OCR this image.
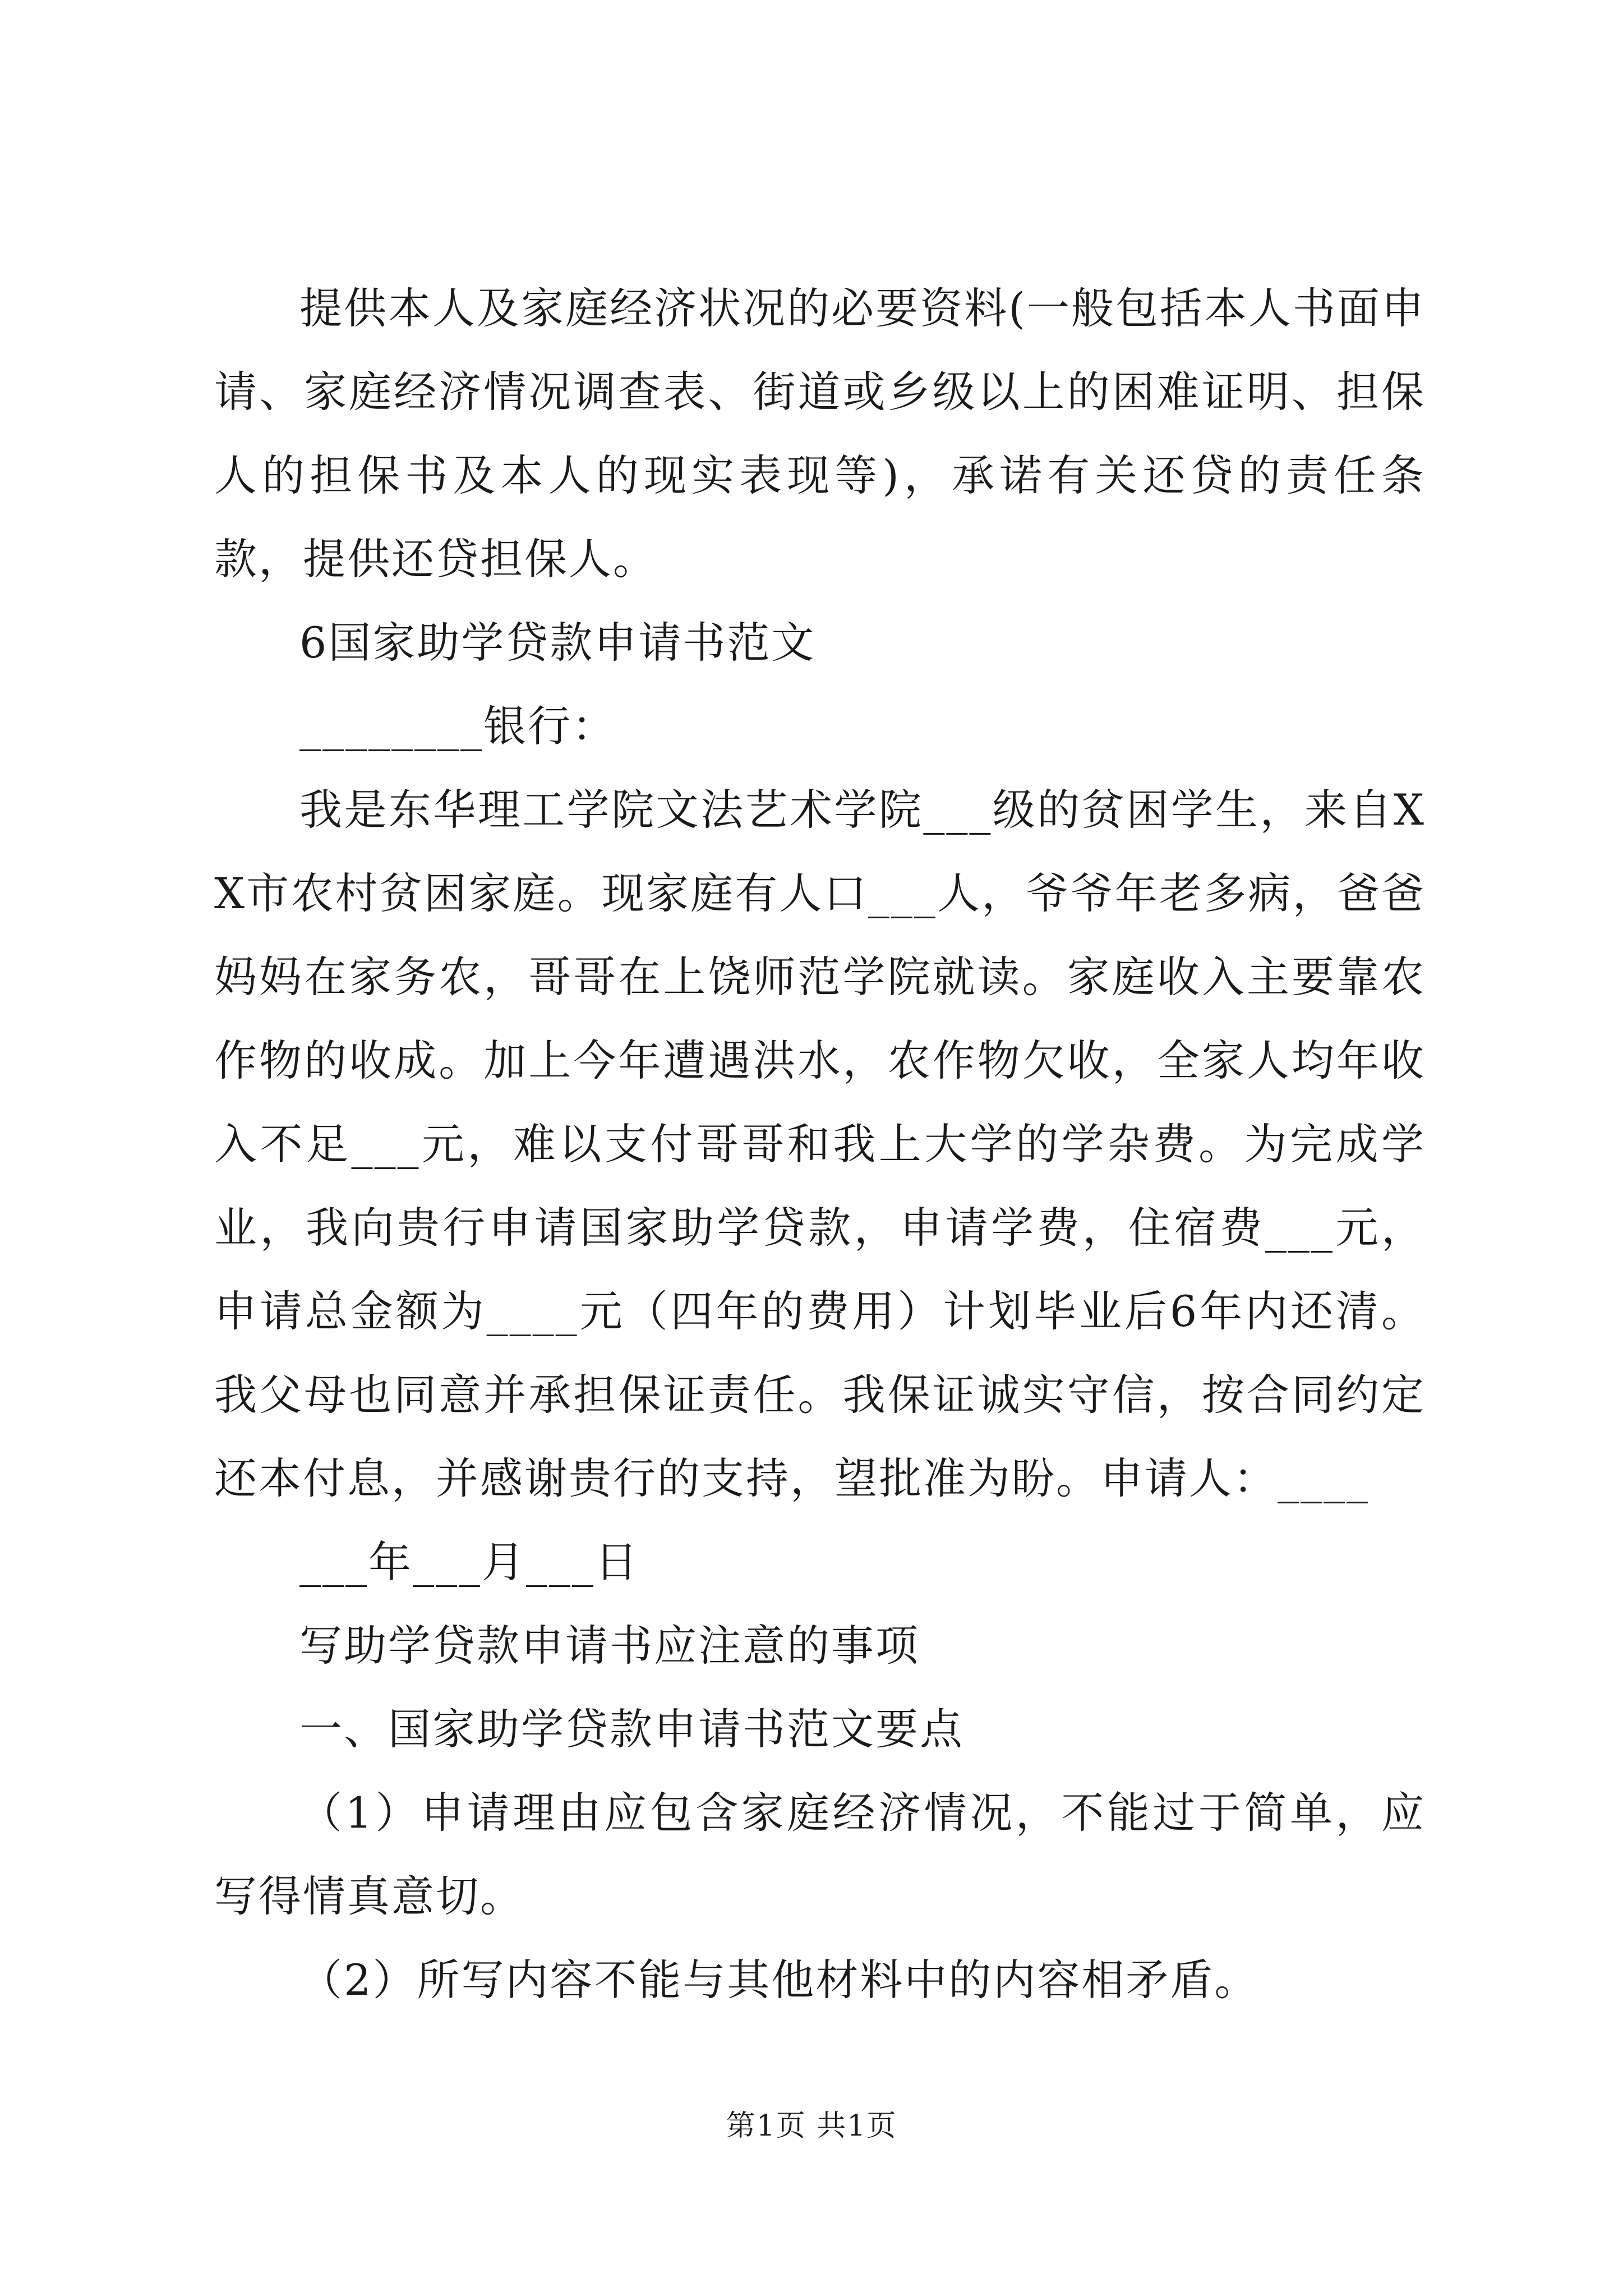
提供本人及家庭经济状况的必要资料(一般包括本人书面申请、家庭经济情况调查表、街道或乡级以上的困难证明、担保人的担保书及本人的现实表现等)，承诺有关还贷的责任条款，提供还贷担保人。

6国家助学贷款申请书范文

________银行：

我是东华理工学院文法艺术学院___级的贫困学生，来自XX市农村贫困家庭。现家庭有人口___人，爷爷年老多病，爸爸妈妈在家务农，哥哥在上饶师范学院就读。家庭收入主要靠农作物的收成。加上今年遭遇洪水，农作物欠收，全家人均年收入不足___元，难以支付哥哥和我上大学的学杂费。为完成学业，我向贵行申请国家助学贷款，申请学费，住宿费___元，申请总金额为____元（四年的费用）计划毕业后6年内还清。我父母也同意并承担保证责任。我保证诚实守信，按合同约定还本付息，并感谢贵行的支持，望批准为盼。申请人：____

___年___月___日

写助学贷款申请书应注意的事项

一、国家助学贷款申请书范文要点

（1）申请理由应包含家庭经济情况，不能过于简单，应写得情真意切。

（2）所写内容不能与其他材料中的内容相矛盾。

第1页 共1页
